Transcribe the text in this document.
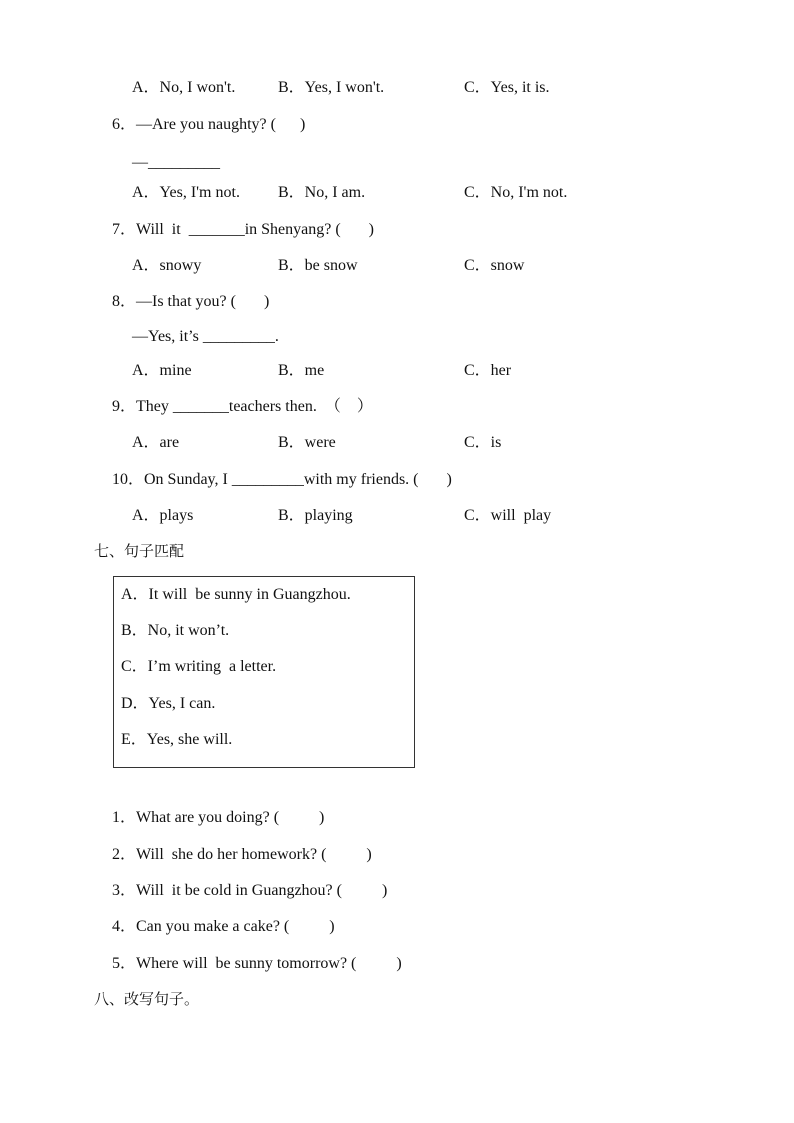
A．No, I won't.	B．Yes, I won't.	C．Yes, it is.
6．—Are you naughty? (      )
—_________
A．Yes, I'm not. B．No, I am.	C．No, I'm not.
7．Will  it  _______in Shenyang? (       )
A．snowy	B．be snow	C．snow
8．—Is that you? (       )
—Yes, it’s _________.
A．mine	B．me	C．her
9．They _______teachers then.  （    ）
A．are	B．were	C．is
10．On Sunday, I _________with my friends. (       )
A．plays	B．playing	C．will  play
七、句子匹配
A．It will  be sunny in Guangzhou.
B．No, it won’t.
C．I’m writing  a letter.
D．Yes, I can.
E．Yes, she will.
1．What are you doing? (          )
2．Will  she do her homework? (          )
3．Will  it be cold in Guangzhou? (          )
4．Can you make a cake? (          )
5．Where will  be sunny tomorrow? (          )
八、改写句子。
